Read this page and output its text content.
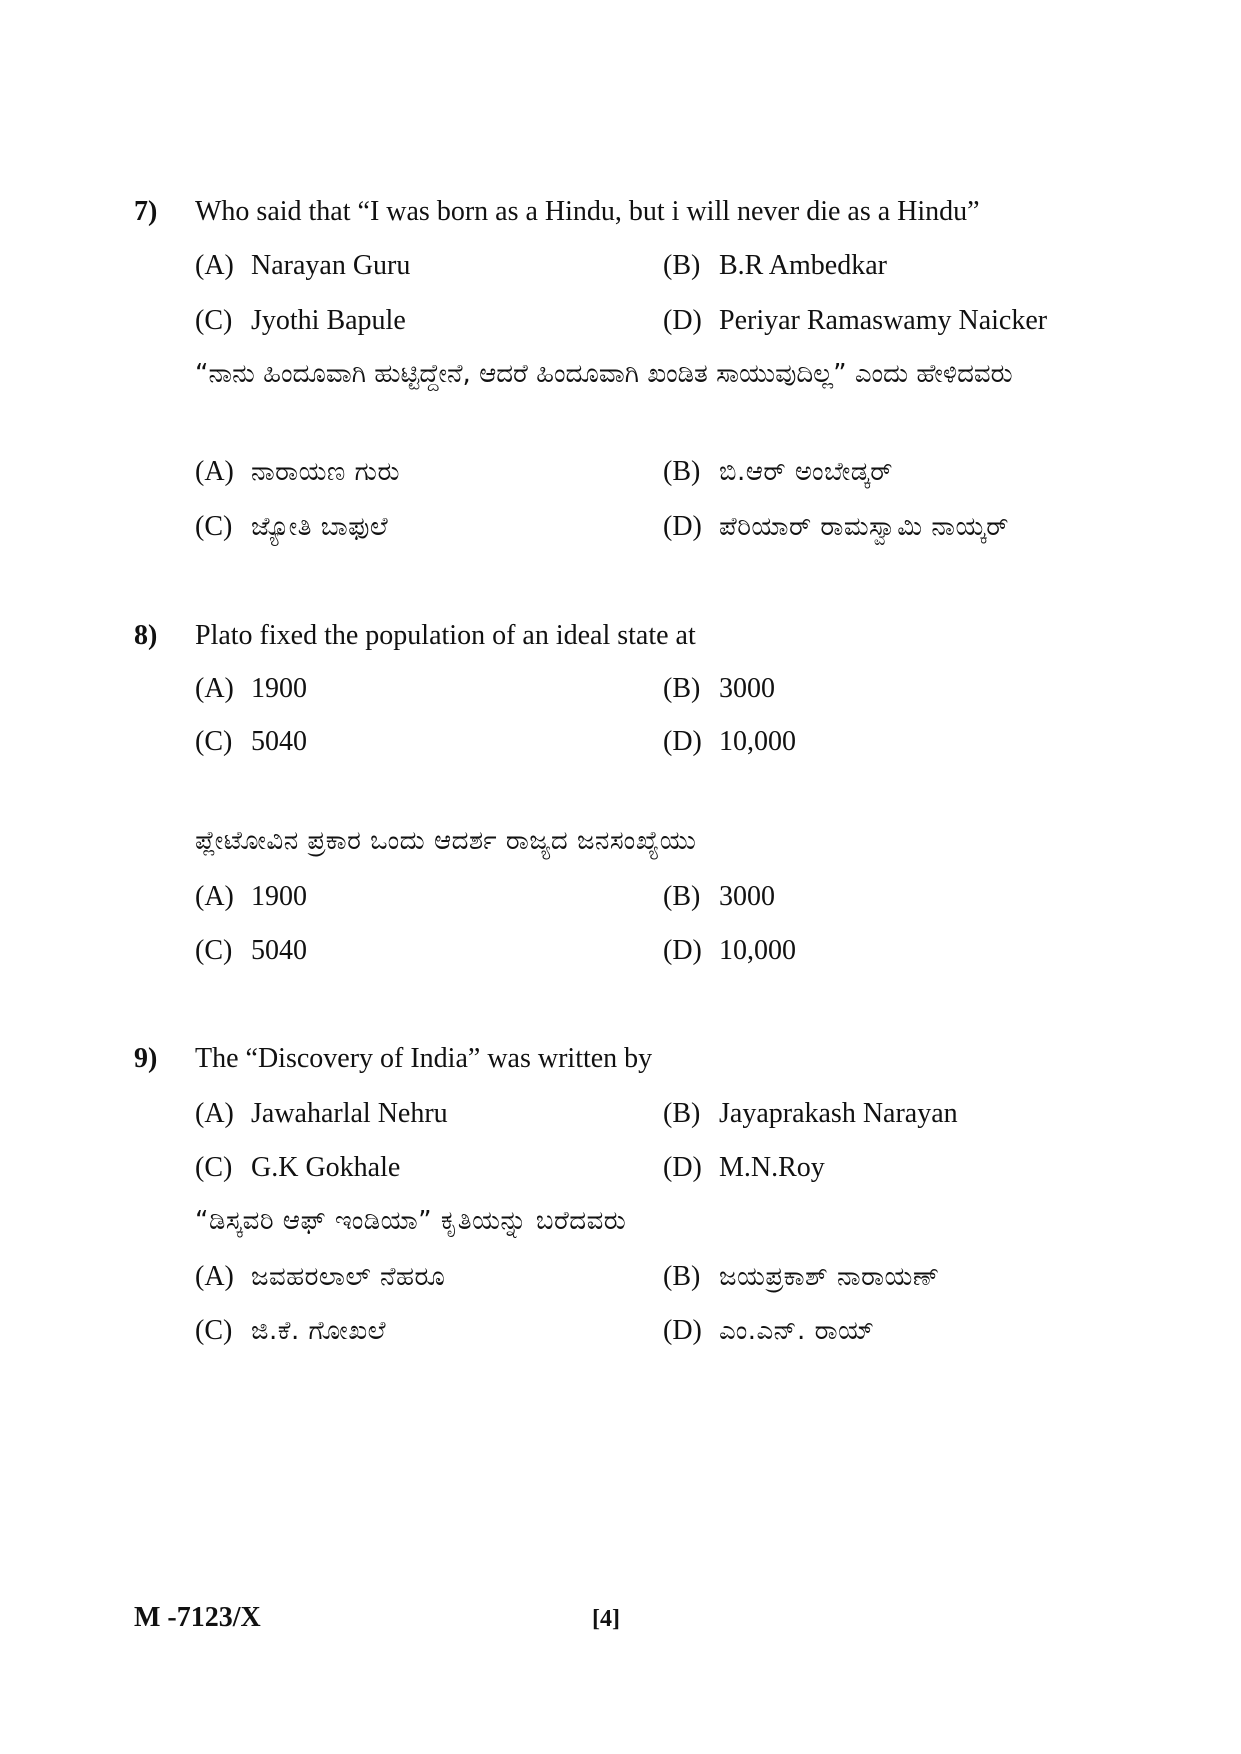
7) Who said that “I was born as a Hindu, but i will never die as a Hindu”
(A) Narayan Guru	(B) B.R Ambedkar
(C) Jyothi Bapule	(D) Periyar Ramaswamy Naicker
“ನಾನು ಹಿಂದೂವಾಗಿ ಹುಟ್ಟಿದ್ದೇನೆ, ಆದರೆ ಹಿಂದೂವಾಗಿ ಖಂಡಿತ ಸಾಯುವುದಿಲ್ಲ” ಎಂದು ಹೇಳಿದವರು
(A) ನಾರಾಯಣ ಗುರು	(B) ಬಿ.ಆರ್ ಅಂಬೇಡ್ಕರ್
(C) ಜ್ಯೋತಿ ಬಾಫುಲೆ	(D) ಪೆರಿಯಾರ್ ರಾಮಸ್ವಾಮಿ ನಾಯ್ಕರ್
8) Plato fixed the population of an ideal state at
(A) 1900	(B) 3000
(C) 5040	(D) 10,000
ಪ್ಲೇಟೋವಿನ ಪ್ರಕಾರ ಒಂದು ಆದರ್ಶ ರಾಜ್ಯದ ಜನಸಂಖ್ಯೆಯು
(A) 1900	(B) 3000
(C) 5040	(D) 10,000
9) The “Discovery of India” was written by
(A) Jawaharlal Nehru	(B) Jayaprakash Narayan
(C) G.K Gokhale	(D) M.N.Roy
“ಡಿಸ್ಕವರಿ ಆಫ್ ಇಂಡಿಯಾ” ಕೃತಿಯನ್ನು ಬರೆದವರು
(A) ಜವಹರಲಾಲ್ ನೆಹರೂ	(B) ಜಯಪ್ರಕಾಶ್ ನಾರಾಯಣ್
(C) ಜಿ.ಕೆ. ಗೋಖಲೆ	(D) ಎಂ.ಎನ್. ರಾಯ್
M -7123/X	[4]
